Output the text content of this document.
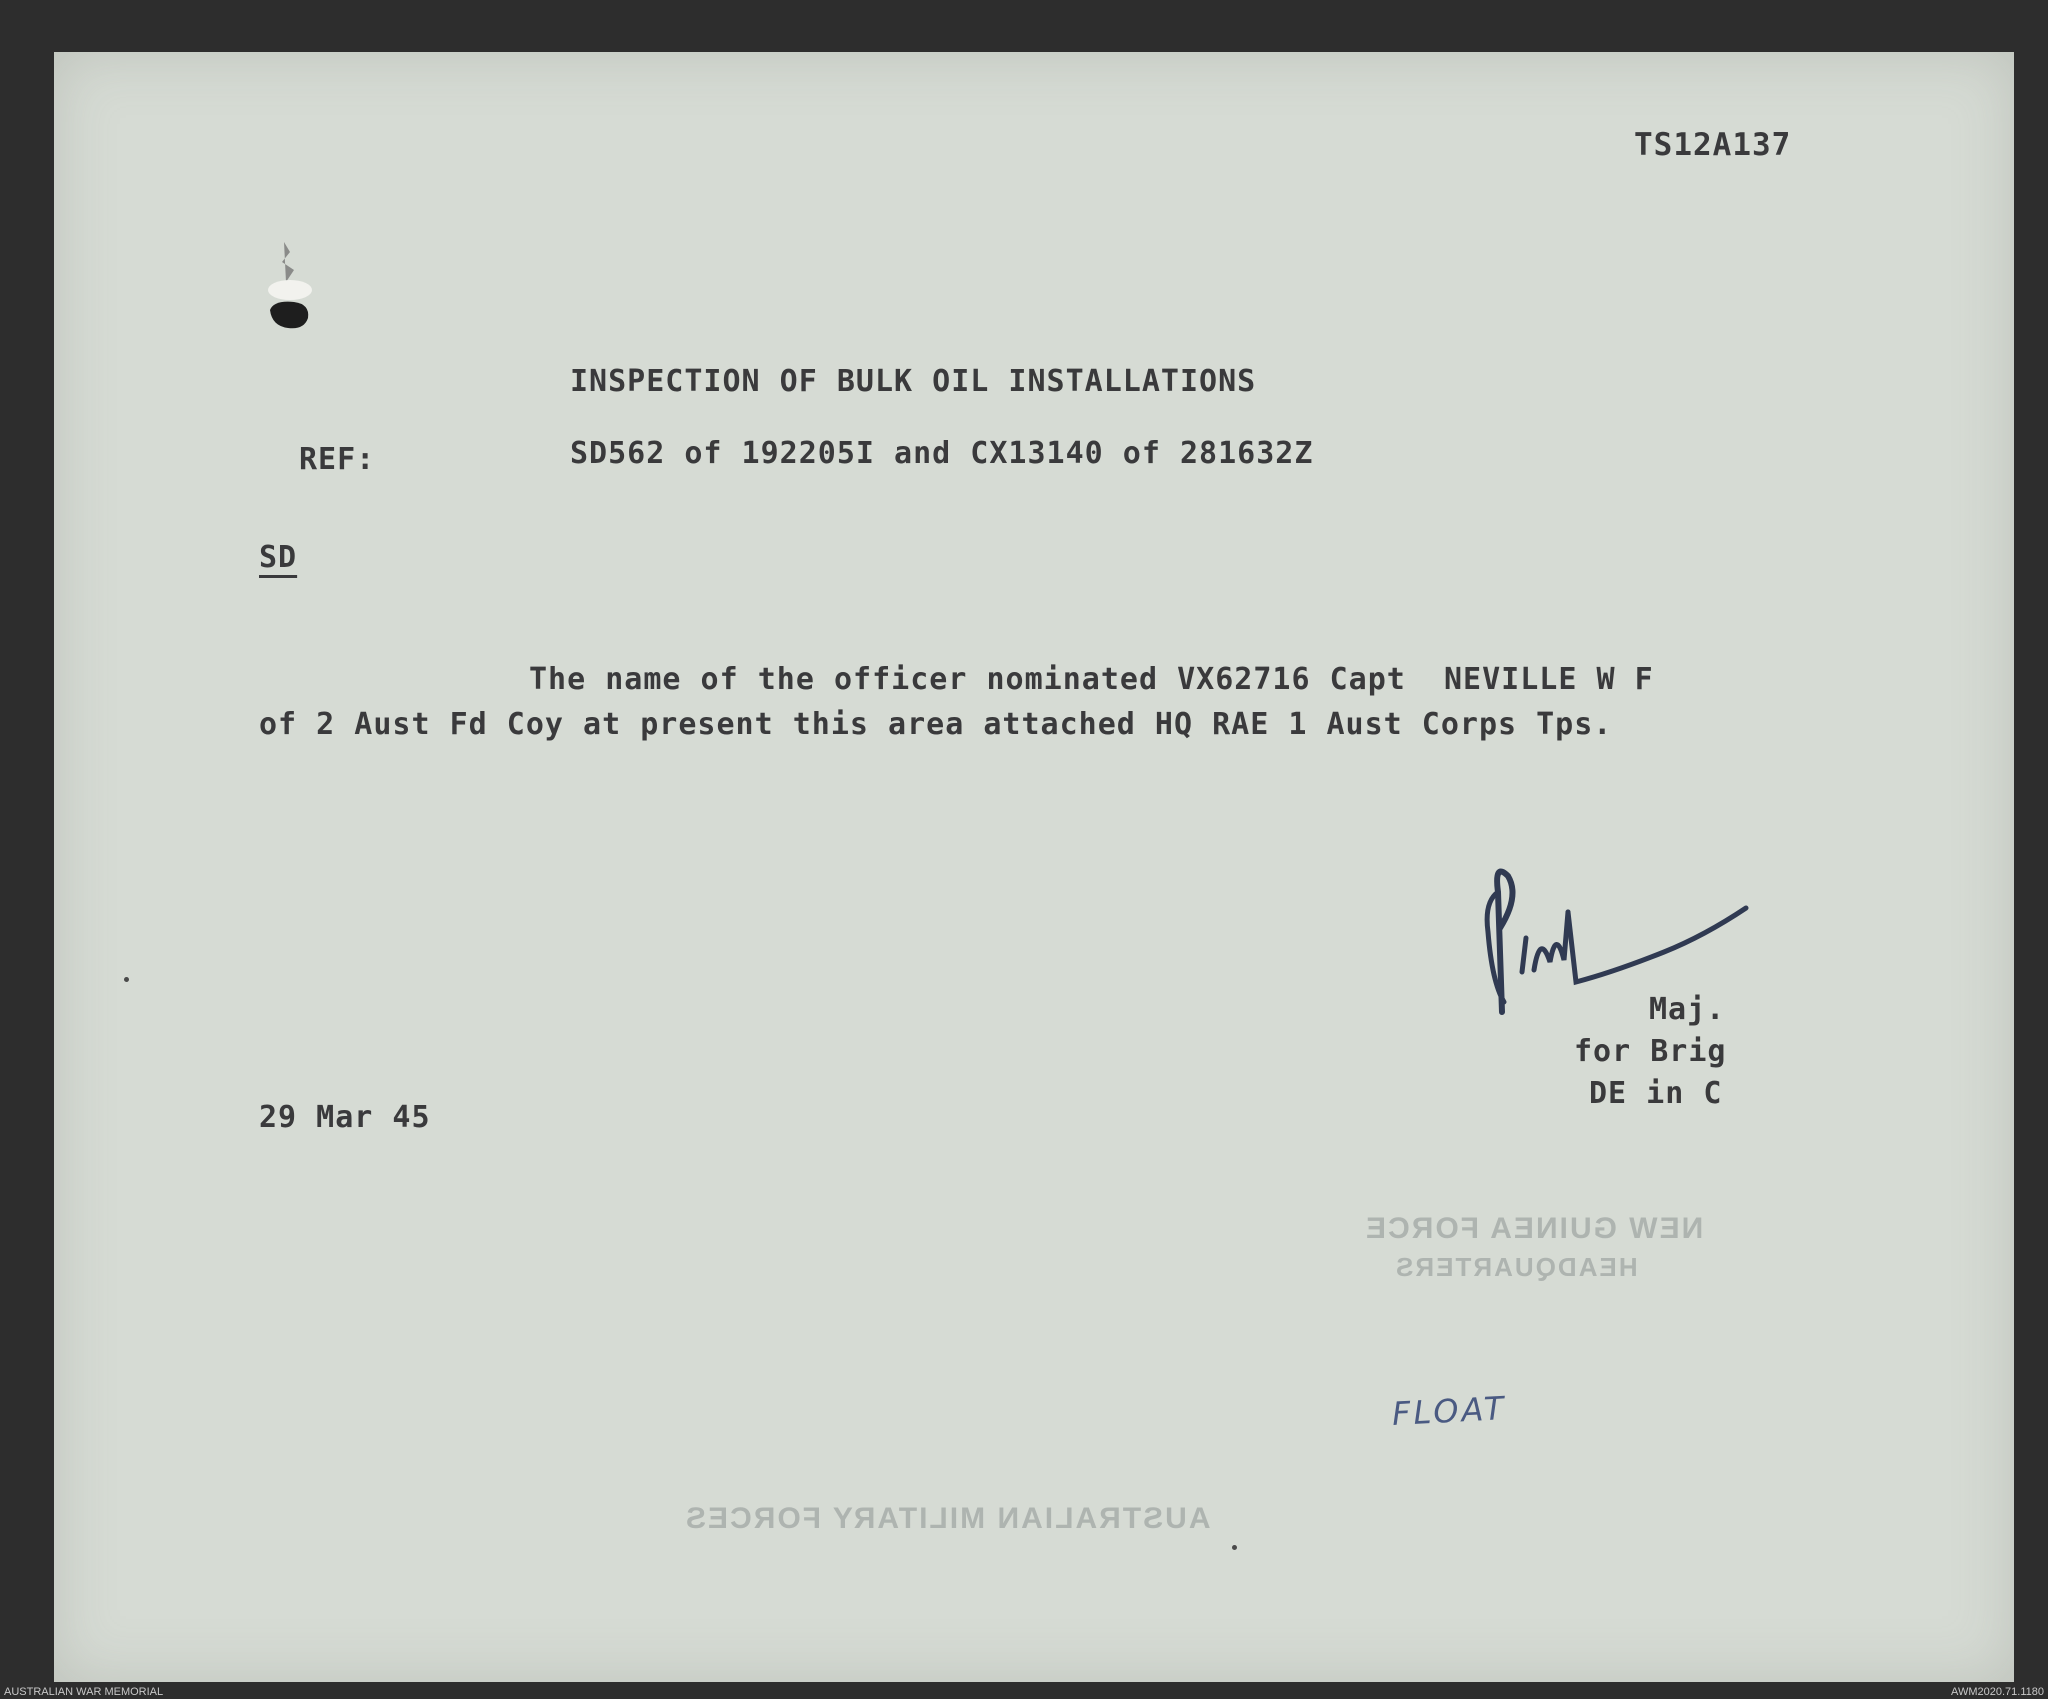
TS12A137

INSPECTION OF BULK OIL INSTALLATIONS

REF:	SD562 of 192205I and CX13140 of 281632Z

SD

The name of the officer nominated VX62716 Capt  NEVILLE W F

of 2 Aust Fd Coy at present this area attached HQ RAE 1 Aust Corps Tps.

Maj.

for Brig

DE in C

29 Mar 45

NEW GUINEA FORCE

HEADQUARTERS

AUSTRALIAN MILITARY FORCES

FLOAT

AUSTRALIAN WAR MEMORIAL	AWM2020.71.1180
